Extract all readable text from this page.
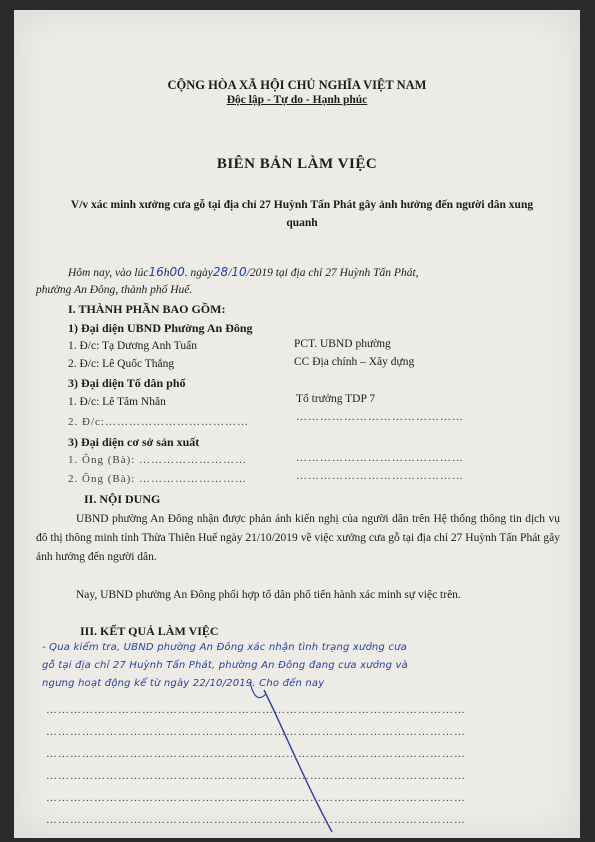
CỘNG HÒA XÃ HỘI CHỦ NGHĨA VIỆT NAM
Độc lập - Tự do - Hạnh phúc
BIÊN BẢN LÀM VIỆC
V/v xác minh xưởng cưa gỗ tại địa chỉ 27 Huỳnh Tấn Phát gây ảnh hưởng đến người dân xung quanh
Hôm nay, vào lúc16h00. ngày28/10/2019 tại địa chỉ 27 Huỳnh Tấn Phát,
phường An Đông, thành phố Huế.
I. THÀNH PHẦN BAO GỒM:
1) Đại diện UBND Phường An Đông
1. Đ/c: Tạ Dương Anh Tuấn	PCT. UBND phường
2. Đ/c: Lê Quốc Thắng	CC Địa chính – Xây dựng
3) Đại diện Tổ dân phố
1. Đ/c: Lê Tâm Nhân	Tổ trưởng TDP 7
2. Đ/c:………………………………	……………………………………
3) Đại diện cơ sở sản xuất
1. Ông (Bà): ………………………	……………………………………
2. Ông (Bà): ………………………	……………………………………
II. NỘI DUNG
UBND phường An Đông nhận được phản ánh kiến nghị của người dân trên Hệ thống thông tin dịch vụ đô thị thông minh tỉnh Thừa Thiên Huế ngày 21/10/2019 về việc xưởng cưa gỗ tại địa chỉ 27 Huỳnh Tấn Phát gây ảnh hưởng đến người dân.
Nay, UBND phường An Đông phối hợp tổ dân phố tiến hành xác minh sự việc trên.
III. KẾT QUẢ LÀM VIỆC
- Qua kiểm tra, UBND phường An Đông xác nhận tình trạng xưởng cưa
gỗ tại địa chỉ 27 Huỳnh Tấn Phát, phường An Đông đang cưa xưởng và
ngưng hoạt động kể từ ngày 22/10/2019. Cho đến nay
……………………………………………………………………………………………
……………………………………………………………………………………………
……………………………………………………………………………………………
……………………………………………………………………………………………
……………………………………………………………………………………………
……………………………………………………………………………………………
